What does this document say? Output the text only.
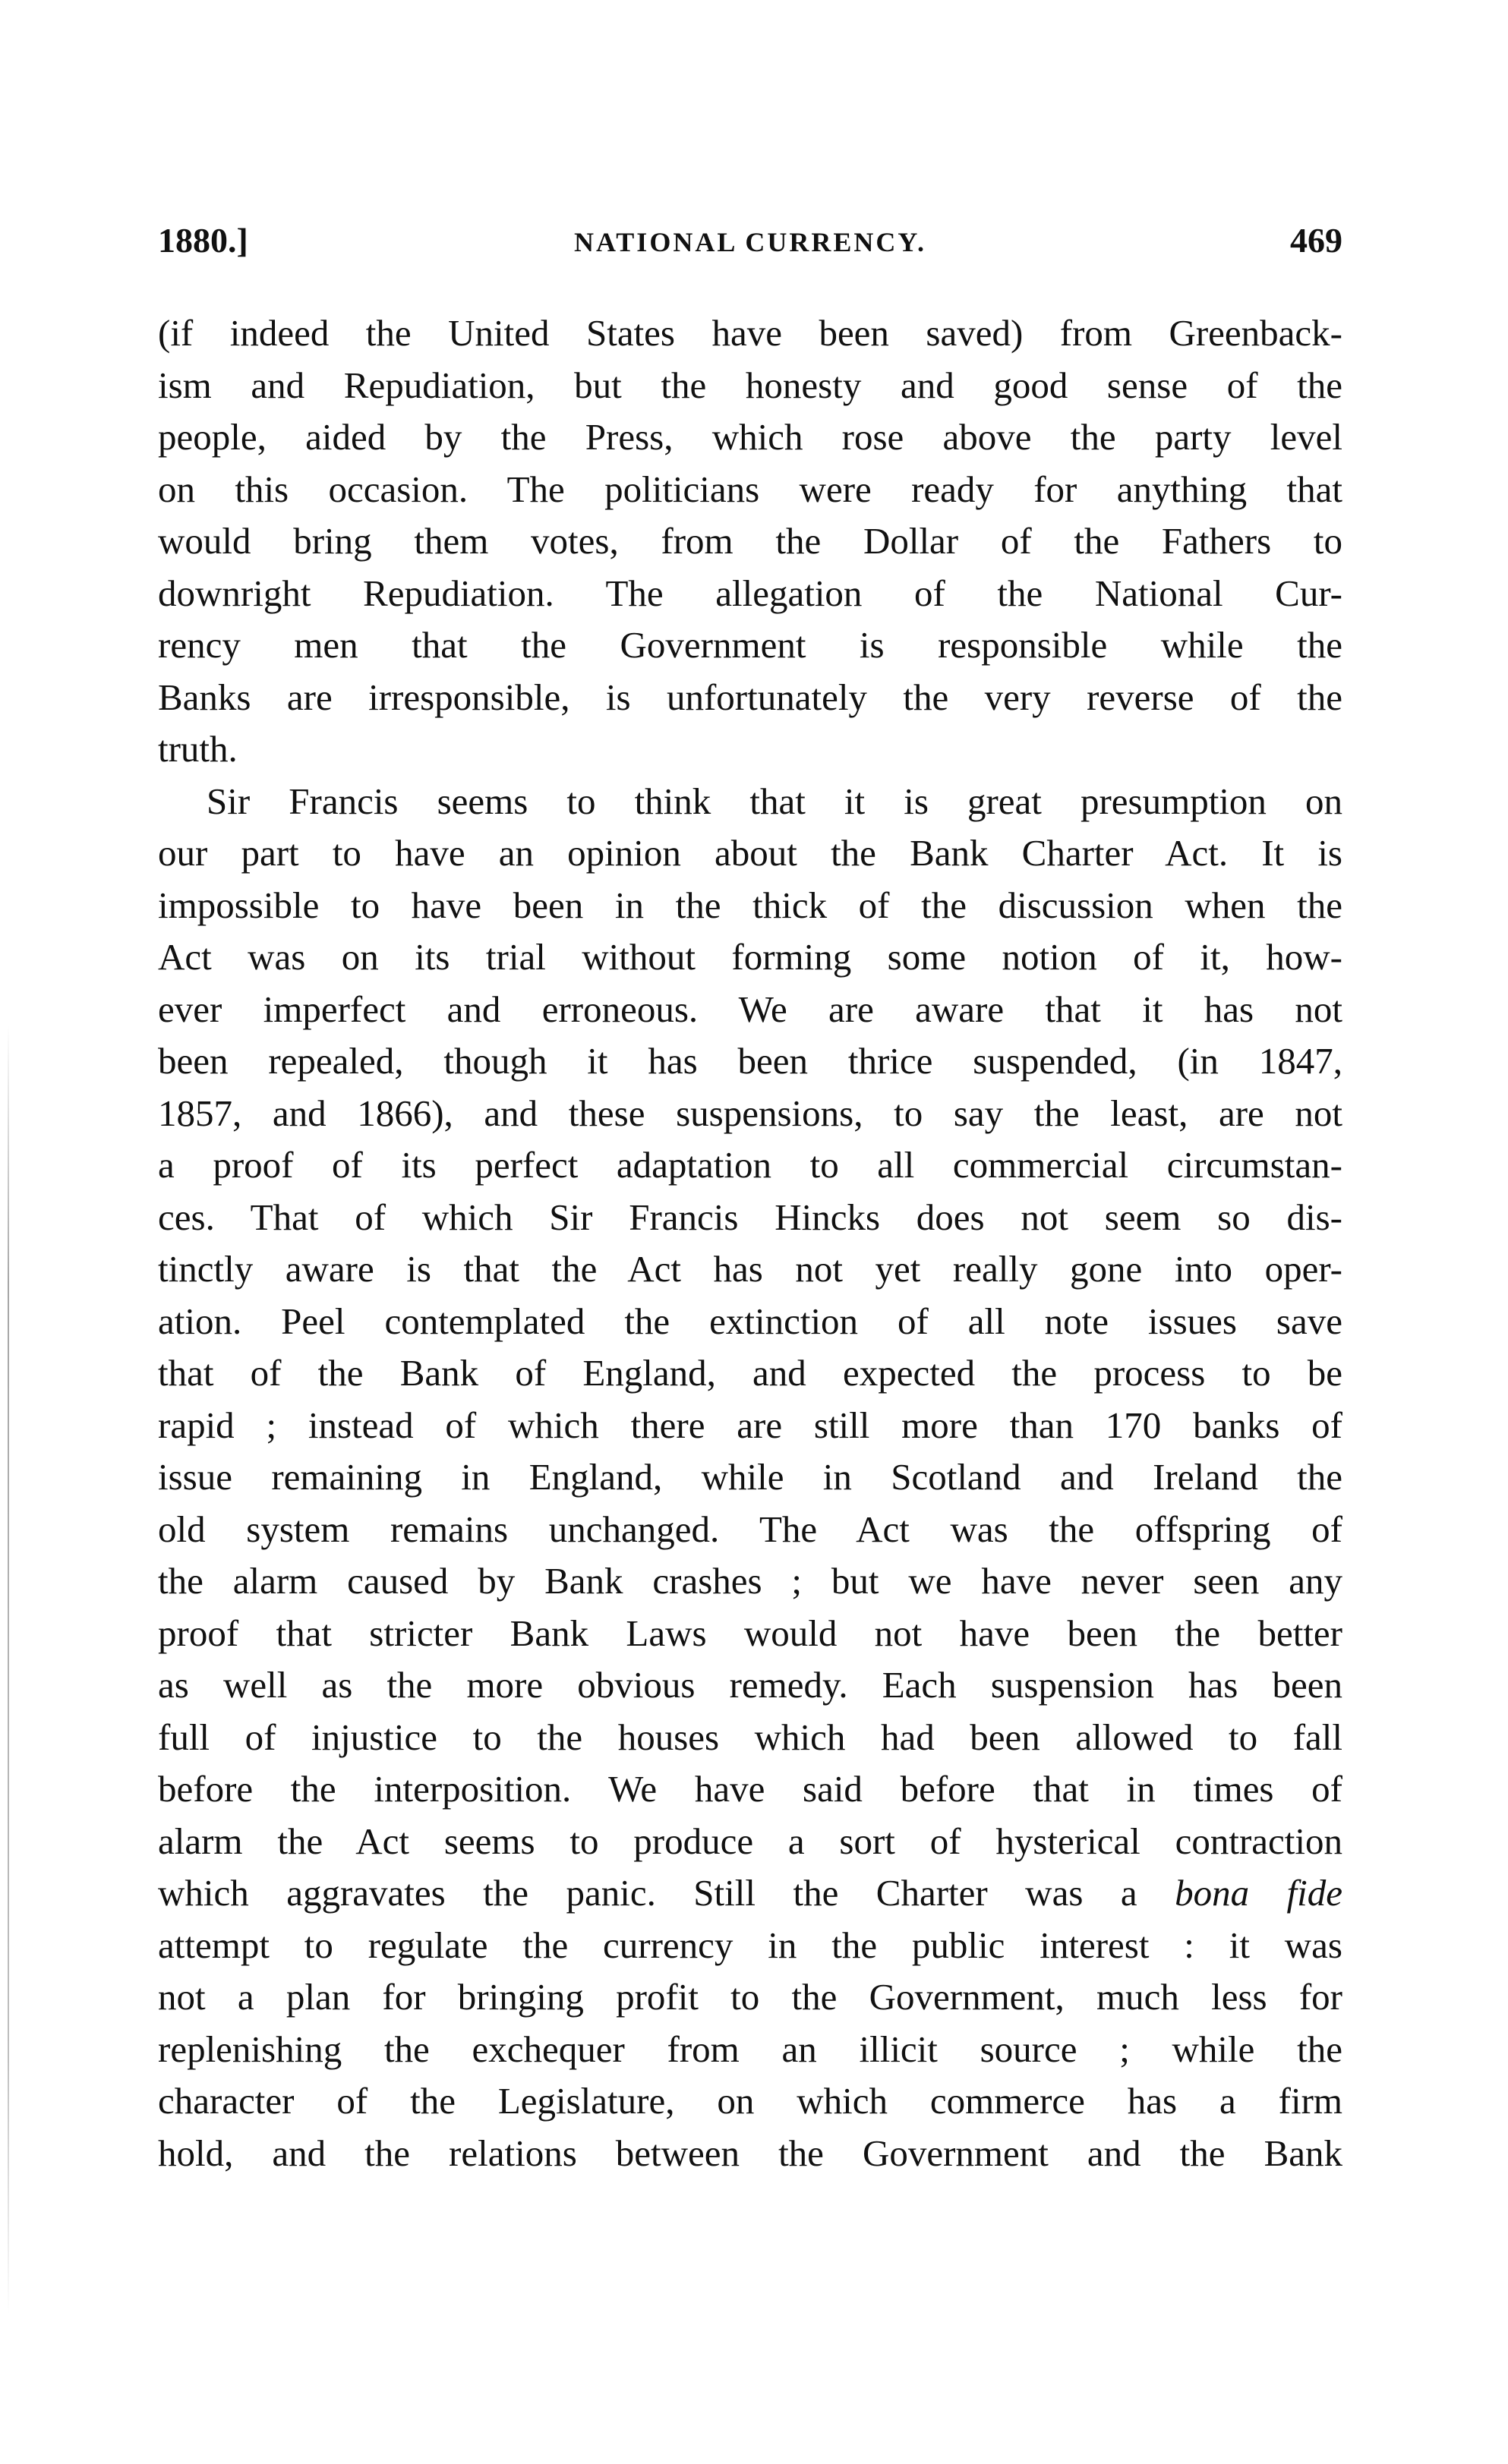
1880.]	NATIONAL CURRENCY.	469
(if indeed the United States have been saved) from Greenback-
ism and Repudiation, but the honesty and good sense of the
people, aided by the Press, which rose above the party level
on this occasion. The politicians were ready for anything that
would bring them votes, from the Dollar of the Fathers to
downright Repudiation. The allegation of the National Cur-
rency men that the Government is responsible while the
Banks are irresponsible, is unfortunately the very reverse of the
truth.
Sir Francis seems to think that it is great presumption on
our part to have an opinion about the Bank Charter Act. It is
impossible to have been in the thick of the discussion when the
Act was on its trial without forming some notion of it, how-
ever imperfect and erroneous. We are aware that it has not
been repealed, though it has been thrice suspended, (in 1847,
1857, and 1866), and these suspensions, to say the least, are not
a proof of its perfect adaptation to all commercial circumstan-
ces. That of which Sir Francis Hincks does not seem so dis-
tinctly aware is that the Act has not yet really gone into oper-
ation. Peel contemplated the extinction of all note issues save
that of the Bank of England, and expected the process to be
rapid ; instead of which there are still more than 170 banks of
issue remaining in England, while in Scotland and Ireland the
old system remains unchanged. The Act was the offspring of
the alarm caused by Bank crashes ; but we have never seen any
proof that stricter Bank Laws would not have been the better
as well as the more obvious remedy. Each suspension has been
full of injustice to the houses which had been allowed to fall
before the interposition. We have said before that in times of
alarm the Act seems to produce a sort of hysterical contraction
which aggravates the panic. Still the Charter was a bona fide
attempt to regulate the currency in the public interest : it was
not a plan for bringing profit to the Government, much less for
replenishing the exchequer from an illicit source ; while the
character of the Legislature, on which commerce has a firm
hold, and the relations between the Government and the Bank
